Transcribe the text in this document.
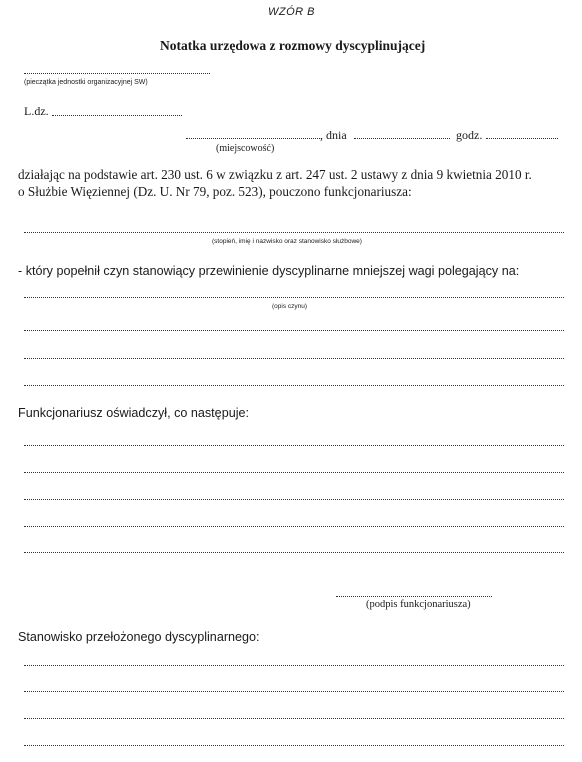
WZÓR B
Notatka urzędowa z rozmowy dyscyplinującej
(pieczątka jednostki organizacyjnej SW)
L.dz.
, dnia	godz.
(miejscowość)
działając na podstawie art. 230 ust. 6 w związku z art. 247 ust. 2 ustawy z dnia 9 kwietnia 2010 r.
o Służbie Więziennej (Dz. U. Nr 79, poz. 523), pouczono funkcjonariusza:
(stopień, imię i nazwisko oraz stanowisko służbowe)
- który popełnił czyn stanowiący przewinienie dyscyplinarne mniejszej wagi polegający na:
(opis czynu)
Funkcjonariusz oświadczył, co następuje:
(podpis funkcjonariusza)
Stanowisko przełożonego dyscyplinarnego:
